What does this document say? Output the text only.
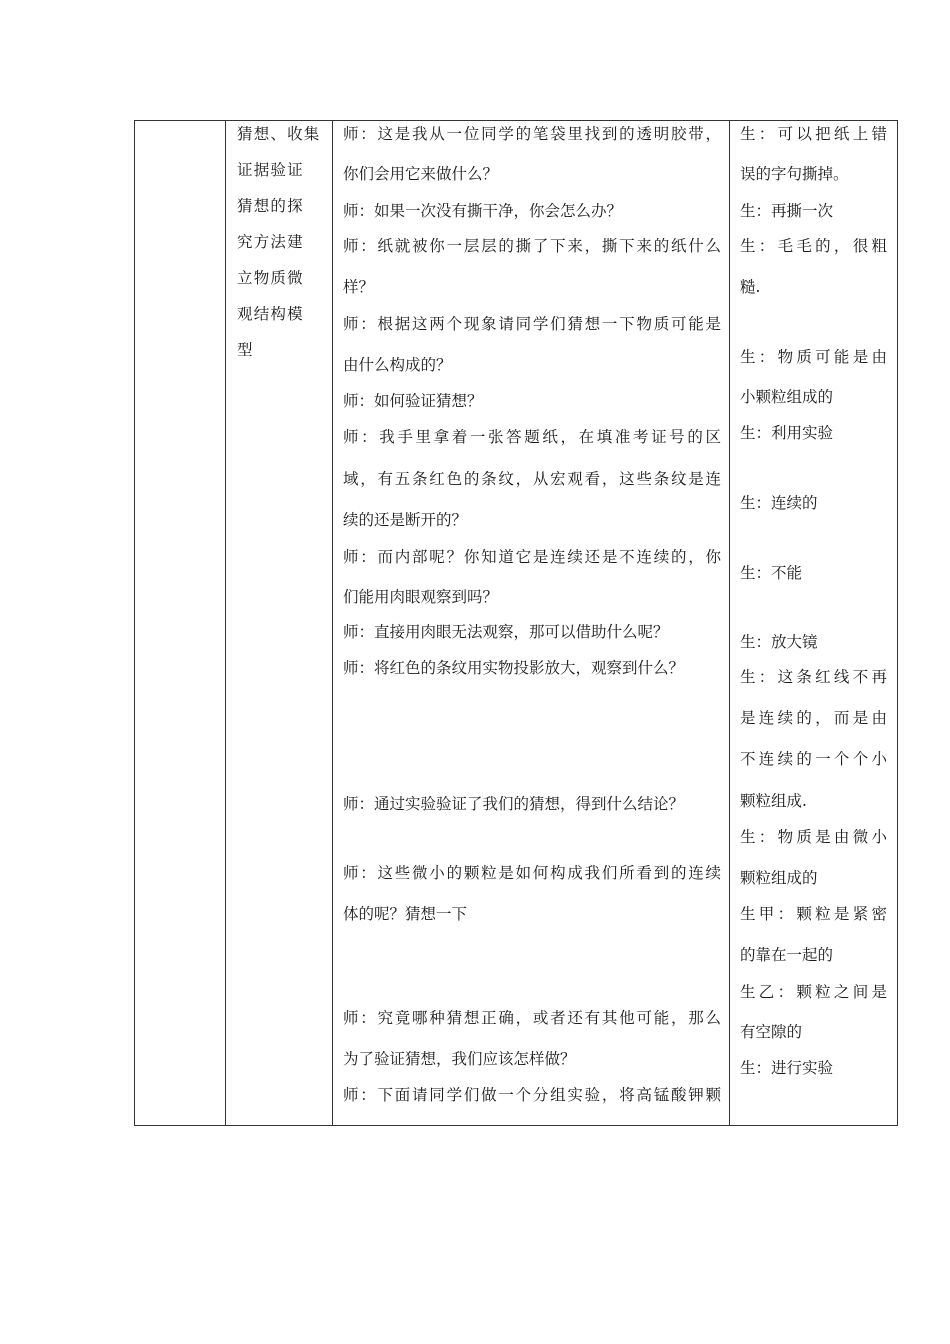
猜想、收集
证据验证
猜想的探
究方法建
立物质微
观结构模
型
师：这是我从一位同学的笔袋里找到的透明胶带，
你们会用它来做什么？
师：如果一次没有撕干净，你会怎么办？
师：纸就被你一层层的撕了下来，撕下来的纸什么
样？
师：根据这两个现象请同学们猜想一下物质可能是
由什么构成的？
师：如何验证猜想？
师：我手里拿着一张答题纸，在填准考证号的区
域，有五条红色的条纹，从宏观看，这些条纹是连
续的还是断开的？
师：而内部呢？你知道它是连续还是不连续的，你
们能用肉眼观察到吗？
师：直接用肉眼无法观察，那可以借助什么呢？
师：将红色的条纹用实物投影放大，观察到什么？
师：通过实验验证了我们的猜想，得到什么结论？
师：这些微小的颗粒是如何构成我们所看到的连续
体的呢？猜想一下
师：究竟哪种猜想正确，或者还有其他可能，那么
为了验证猜想，我们应该怎样做？
师：下面请同学们做一个分组实验，将高锰酸钾颗
生：可以把纸上错
误的字句撕掉。
生：再撕一次
生：毛毛的，很粗
糙.
生：物质可能是由
小颗粒组成的
生：利用实验
生：连续的
生：不能
生：放大镜
生：这条红线不再
是连续的，而是由
不连续的一个个小
颗粒组成.
生：物质是由微小
颗粒组成的
生甲：颗粒是紧密
的靠在一起的
生乙：颗粒之间是
有空隙的
生：进行实验
